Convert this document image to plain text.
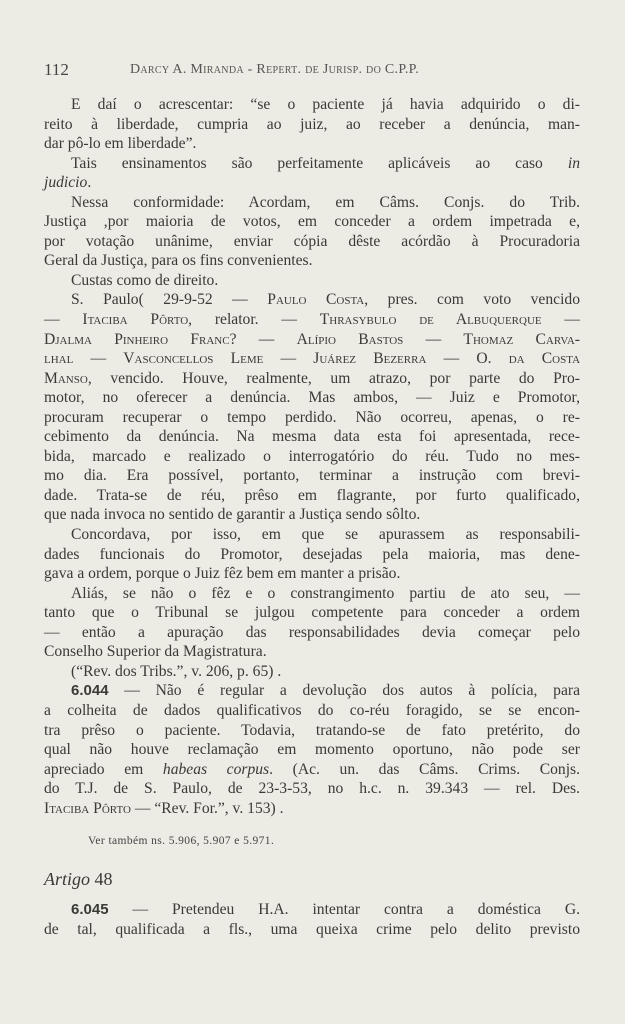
112	Darcy A. Miranda - Repert. de Jurisp. do C.P.P.
E daí o acrescentar: “se o paciente já havia adquirido o di-
reito à liberdade, cumpria ao juiz, ao receber a denúncia, man-
dar pô-lo em liberdade”.
Tais ensinamentos são perfeitamente aplicáveis ao caso in
judicio.
Nessa conformidade: Acordam, em Câms. Conjs. do Trib.
Justiça ,por maioria de votos, em conceder a ordem impetrada e,
por votação unânime, enviar cópia dêste acórdão à Procuradoria
Geral da Justiça, para os fins convenientes.
Custas como de direito.
S. Paulo( 29-9-52 — Paulo Costa, pres. com voto vencido
— Itaciba Pôrto, relator. — Thrasybulo de Albuquerque —
Djalma Pinheiro Franc? — Alípio Bastos — Thomaz Carva-
lhal — Vasconcellos Leme — Juárez Bezerra — O. da Costa
Manso, vencido. Houve, realmente, um atrazo, por parte do Pro-
motor, no oferecer a denúncia. Mas ambos, — Juiz e Promotor,
procuram recuperar o tempo perdido. Não ocorreu, apenas, o re-
cebimento da denúncia. Na mesma data esta foi apresentada, rece-
bida, marcado e realizado o interrogatório do réu. Tudo no mes-
mo dia. Era possível, portanto, terminar a instrução com brevi-
dade. Trata-se de réu, prêso em flagrante, por furto qualificado,
que nada invoca no sentido de garantir a Justiça sendo sôlto.
Concordava, por isso, em que se apurassem as responsabili-
dades funcionais do Promotor, desejadas pela maioria, mas dene-
gava a ordem, porque o Juiz fêz bem em manter a prisão.
Aliás, se não o fêz e o constrangimento partiu de ato seu, —
tanto que o Tribunal se julgou competente para conceder a ordem
— então a apuração das responsabilidades devia começar pelo
Conselho Superior da Magistratura.
(“Rev. dos Tribs.”, v. 206, p. 65) .
6.044 — Não é regular a devolução dos autos à polícia, para
a colheita de dados qualificativos do co-réu foragido, se se encon-
tra prêso o paciente. Todavia, tratando-se de fato pretérito, do
qual não houve reclamação em momento oportuno, não pode ser
apreciado em habeas corpus. (Ac. un. das Câms. Crims. Conjs.
do T.J. de S. Paulo, de 23-3-53, no h.c. n. 39.343 — rel. Des.
Itaciba Pôrto — “Rev. For.”, v. 153) .
Ver também ns. 5.906, 5.907 e 5.971.
Artigo 48
6.045 — Pretendeu H.A. intentar contra a doméstica G.
de tal, qualificada a fls., uma queixa crime pelo delito previsto
